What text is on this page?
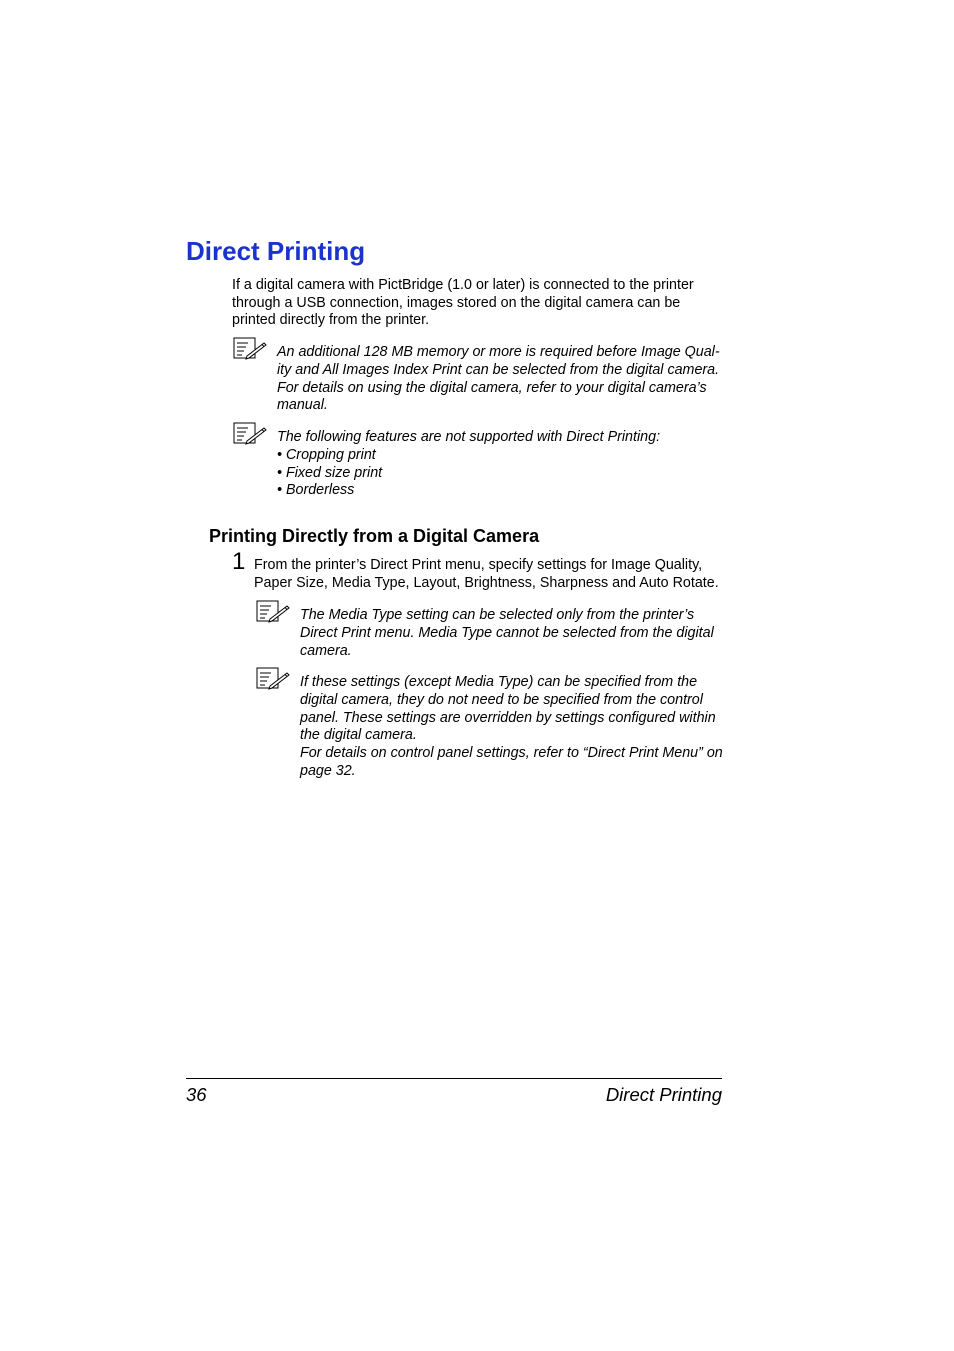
Direct Printing
If a digital camera with PictBridge (1.0 or later) is connected to the printer
through a USB connection, images stored on the digital camera can be
printed directly from the printer.
An additional 128 MB memory or more is required before Image Qual-
ity and All Images Index Print can be selected from the digital camera.
For details on using the digital camera, refer to your digital camera’s
manual.
The following features are not supported with Direct Printing:
• Cropping print
• Fixed size print
• Borderless
Printing Directly from a Digital Camera
1 From the printer’s Direct Print menu, specify settings for Image Quality,
Paper Size, Media Type, Layout, Brightness, Sharpness and Auto Rotate.
The Media Type setting can be selected only from the printer’s
Direct Print menu. Media Type cannot be selected from the digital
camera.
If these settings (except Media Type) can be specified from the
digital camera, they do not need to be specified from the control
panel. These settings are overridden by settings configured within
the digital camera.
For details on control panel settings, refer to “Direct Print Menu” on
page 32.
36	Direct Printing
